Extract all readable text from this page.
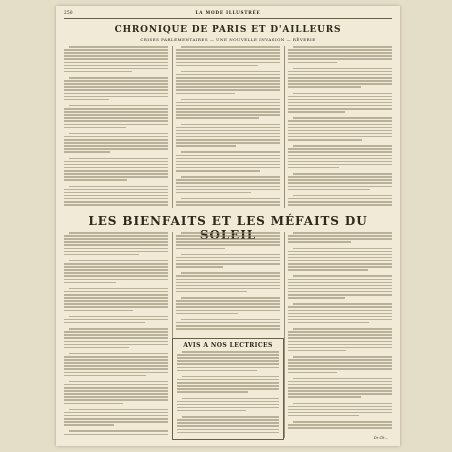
250	LA MODE ILLUSTRÉE
CHRONIQUE DE PARIS ET D'AILLEURS
CRISES PARLEMENTAIRES — UNE NOUVELLE INVASION — RÊVERIE
LES BIENFAITS ET LES MÉFAITS DU
AVIS A NOS LECTRICES
Dr Ch...
